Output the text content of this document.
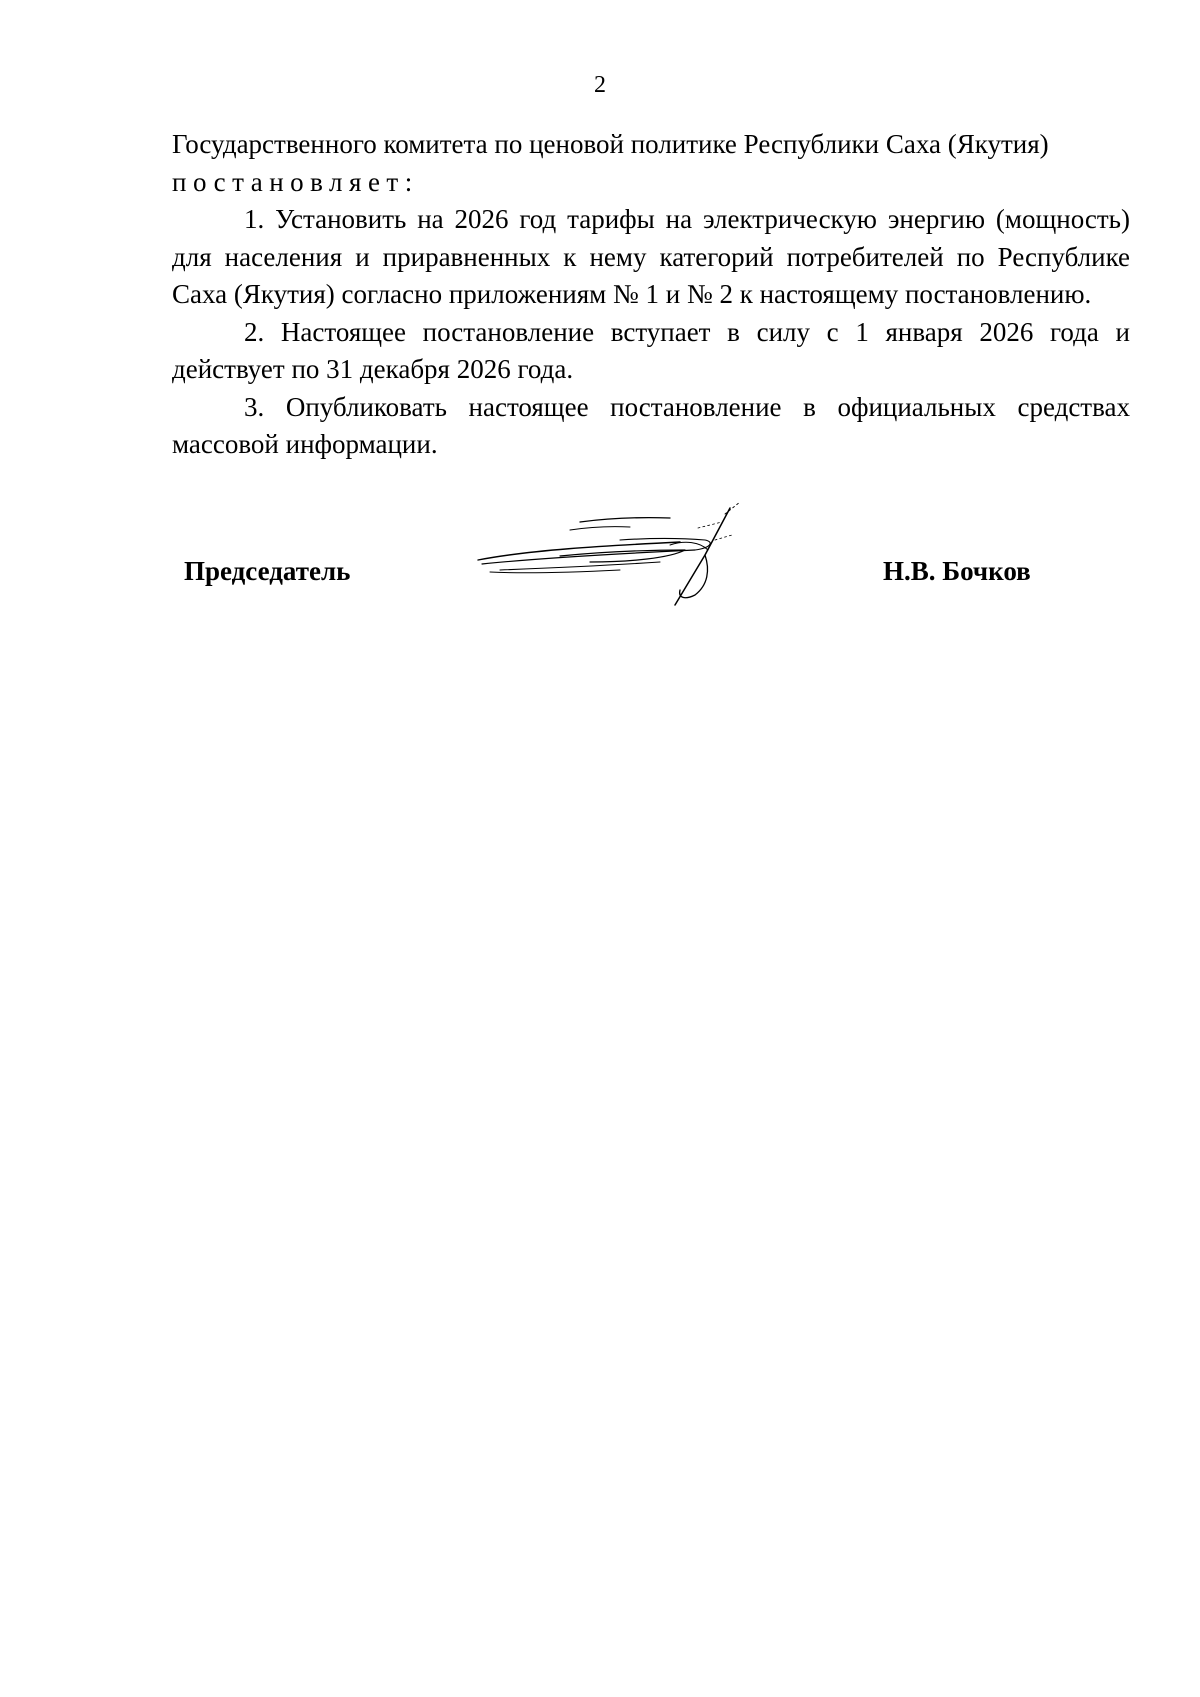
2

Государственного комитета по ценовой политике Республики Саха (Якутия)

постановляет:

1. Установить на 2026 год тарифы на электрическую энергию (мощность) для населения и приравненных к нему категорий потребителей по Республике Саха (Якутия) согласно приложениям № 1 и № 2 к настоящему постановлению.

2. Настоящее постановление вступает в силу с 1 января 2026 года и действует по 31 декабря 2026 года.

3. Опубликовать настоящее постановление в официальных средствах массовой информации.

Председатель	Н.В. Бочков
